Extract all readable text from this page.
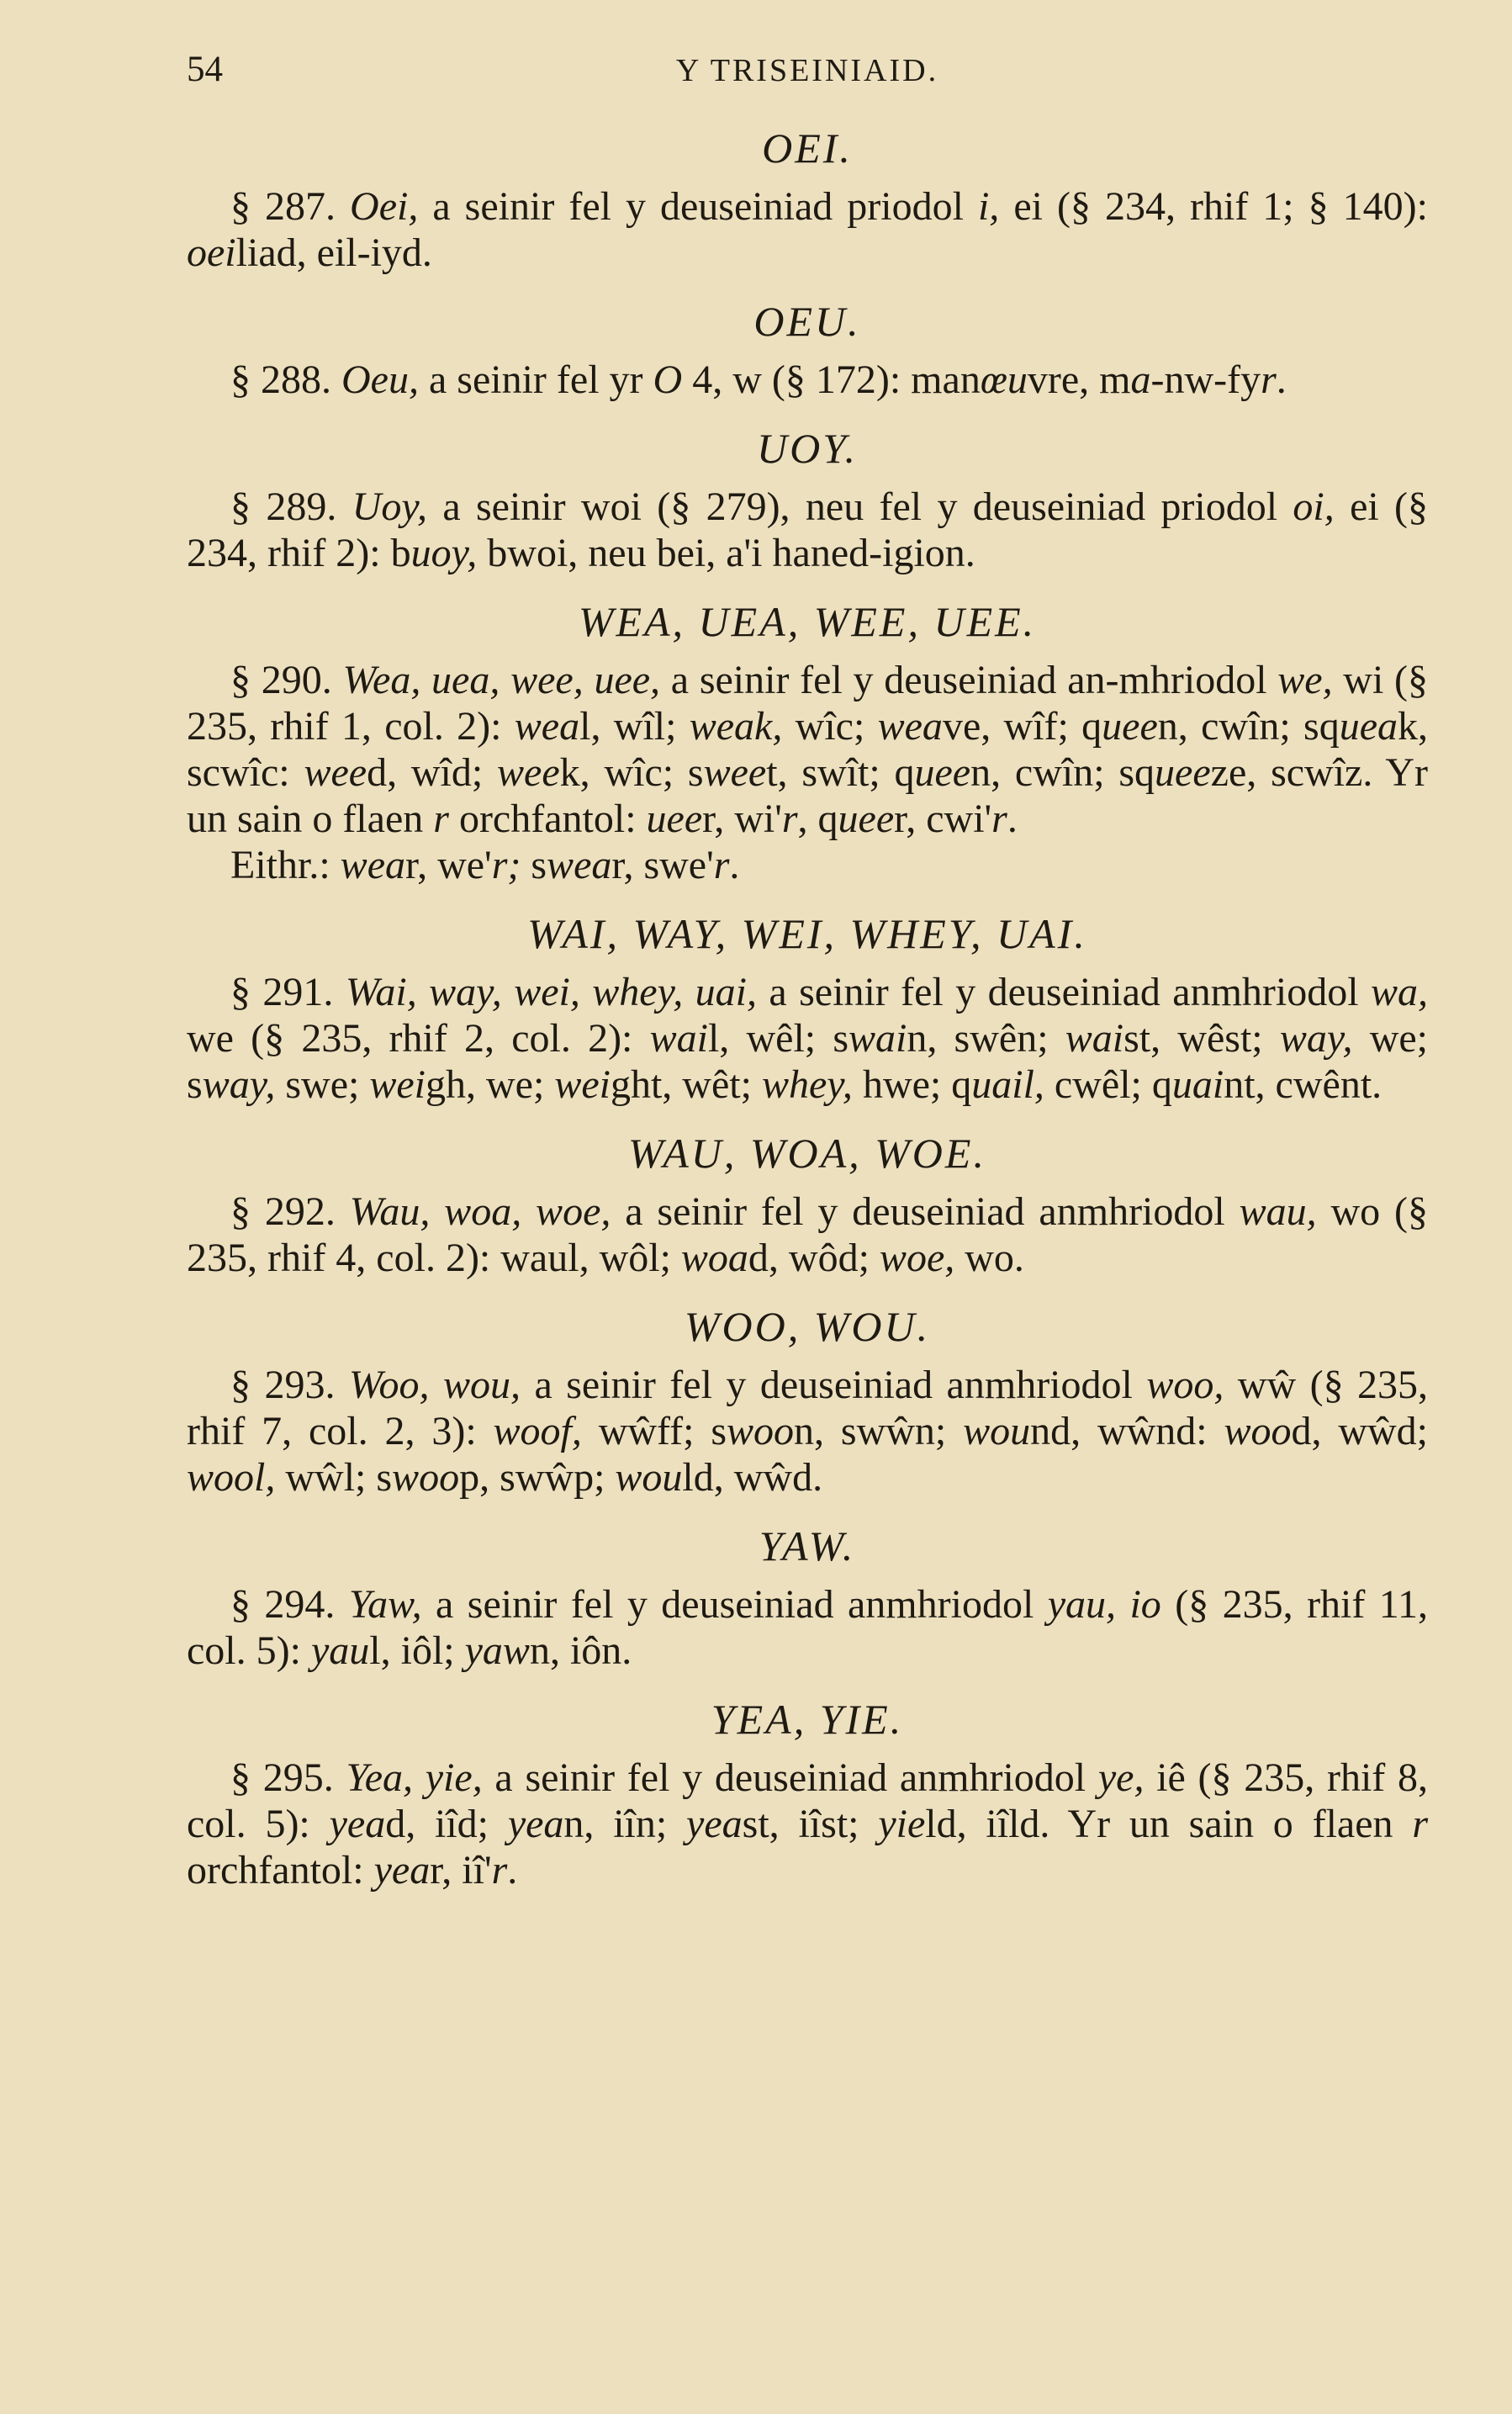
54	Y TRISEINIAID.
OEI.

§ 287. Oei, a seinir fel y deuseiniad priodol i, ei (§ 234, rhif 1; § 140): oeiliad, eil-iyd.

OEU.

§ 288. Oeu, a seinir fel yr O 4, w (§ 172): manœuvre, ma-nw-fyr.

UOY.

§ 289. Uoy, a seinir woi (§ 279), neu fel y deuseiniad priodol oi, ei (§ 234, rhif 2): buoy, bwoi, neu bei, a'i haned-igion.

WEA, UEA, WEE, UEE.

§ 290. Wea, uea, wee, uee, a seinir fel y deuseiniad an-mhriodol we, wi (§ 235, rhif 1, col. 2): weal, wîl; weak, wîc; weave, wîf; queen, cwîn; squeak, scwîc: weed, wîd; week, wîc; sweet, swît; queen, cwîn; squeeze, scwîz. Yr un sain o flaen r orchfantol: ueer, wi'r, queer, cwi'r.

Eithr.: wear, we'r; swear, swe'r.

WAI, WAY, WEI, WHEY, UAI.

§ 291. Wai, way, wei, whey, uai, a seinir fel y deuseiniad anmhriodol wa, we (§ 235, rhif 2, col. 2): wail, wêl; swain, swên; waist, wêst; way, we; sway, swe; weigh, we; weight, wêt; whey, hwe; quail, cwêl; quaint, cwênt.

WAU, WOA, WOE.

§ 292. Wau, woa, woe, a seinir fel y deuseiniad anmhriodol wau, wo (§ 235, rhif 4, col. 2): waul, wôl; woad, wôd; woe, wo.

WOO, WOU.

§ 293. Woo, wou, a seinir fel y deuseiniad anmhriodol woo, wŵ (§ 235, rhif 7, col. 2, 3): woof, wŵff; swoon, swŵn; wound, wŵnd: wood, wŵd; wool, wŵl; swoop, swŵp; would, wŵd.

YAW.

§ 294. Yaw, a seinir fel y deuseiniad anmhriodol yau, io (§ 235, rhif 11, col. 5): yaul, iôl; yawn, iôn.

YEA, YIE.

§ 295. Yea, yie, a seinir fel y deuseiniad anmhriodol ye, iê (§ 235, rhif 8, col. 5): yead, iîd; yean, iîn; yeast, iîst; yield, iîld. Yr un sain o flaen r orchfantol: year, iî'r.
